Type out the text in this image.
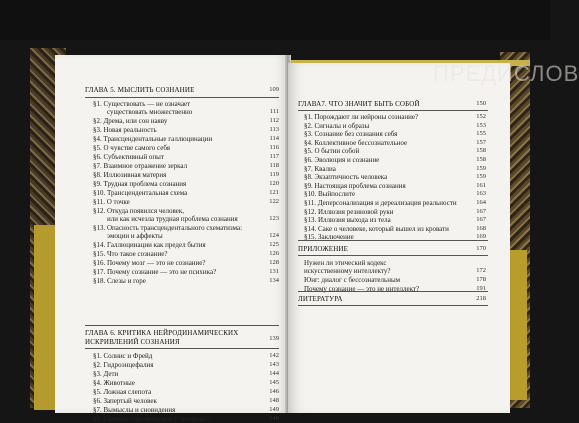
ГЛАВА 5. МЫСЛИТЬ СОЗНАНИЕ	109
§1. Существовать — не означает
существовать множественно	111
§2. Дрема, или сон наяву	112
§3. Новая реальность	113
§4. Трансцендентальные галлюцинации	114
§5. О чувстве самого себя	116
§6. Субъективный опыт	117
§7. Взаимное отражение зеркал	118
§8. Иллюзивная материя	119
§9. Трудная проблема сознания	120
§10. Трансцендентальная схема	121
§11. О точке	122
§12. Откуда появился человек,
или как исчезла трудная проблема сознания	123
§13. Опасность трансцендентального схематизма:
эмоции и аффекты	124
§14. Галлюцинации как предел бытия	125
§15. Что такое сознание?	126
§16. Почему мозг — это не сознание?	128
§17. Почему сознание — это не психика?	131
§18. Слезы и горе	134
ГЛАВА 6. КРИТИКА НЕЙРОДИНАМИЧЕСКИХ
ИСКРИВЛЕНИЙ СОЗНАНИЯ	139
§1. Солнис и Фрейд	142
§2. Гидроэнцефалия	143
§3. Дети	144
§4. Животные	145
§5. Ложная слепота	146
§6. Запертый человек	148
§7. Вымыслы и сновидения	149
§8. Сколько сенсоримумов у человека?	149
ПРЕДИСЛОВ
ГЛАВА7. ЧТО ЗНАЧИТ БЫТЬ СОБОЙ	150
§1. Порождают ли нейроны сознание?	152
§2. Сигналы и образы	153
§3. Сознание без сознания себя	155
§4. Коллективное бессознательное	157
§5. О бытии собой	158
§6. Эволюция и сознание	158
§7. Квалиа	159
§8. Экзаптичность человека	159
§9. Настоящая проблема сознания	161
§10. Выйпослите	163
§11. Деперсонализация и дереализация реальности	164
§12. Иллюзия резиновой руки	167
§13. Иллюзия выхода из тела	167
§14. Саке о человеке, который вышел из кровати	168
§15. Заключение	169
ПРИЛОЖЕНИЕ	170
Нужен ли этический кодекс
искусственному интеллекту?	172
Юнг: диалог с бессознательным	178
Почему сознание — это не интеллект?	191
ЛИТЕРАТУРА	218
